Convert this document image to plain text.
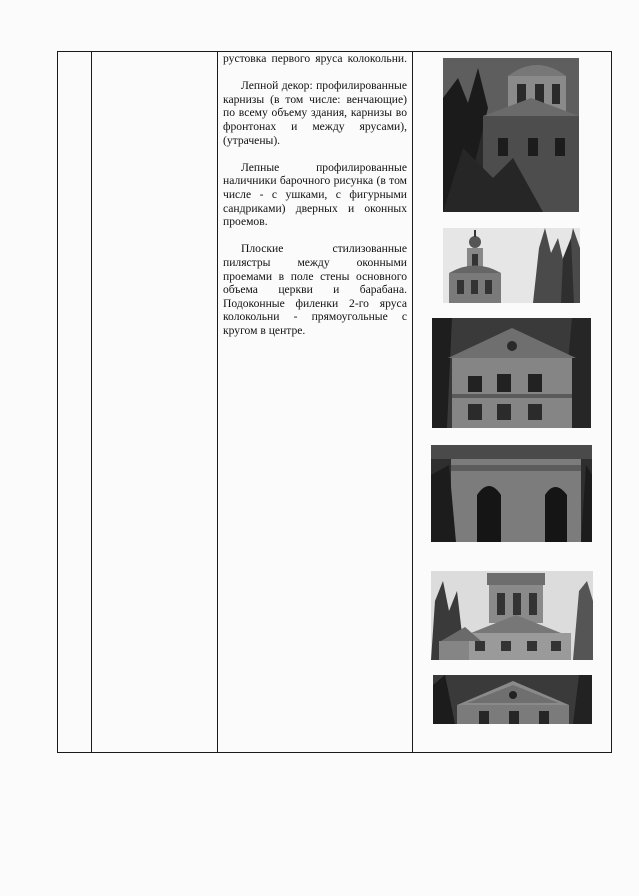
рустовка первого яруса колокольни.

Лепной декор: профилированные карнизы (в том числе: венчающие) по всему объему здания, карнизы во фронтонах и между ярусами), (утрачены).

Лепные профилированные наличники барочного рисунка (в том числе - с ушками, с фигурными сандриками) дверных и оконных проемов.

Плоские стилизованные пилястры между оконными проемами в поле стены основного объема церкви и барабана. Подоконные филенки 2-го яруса колокольни - прямоугольные с кругом в центре.
